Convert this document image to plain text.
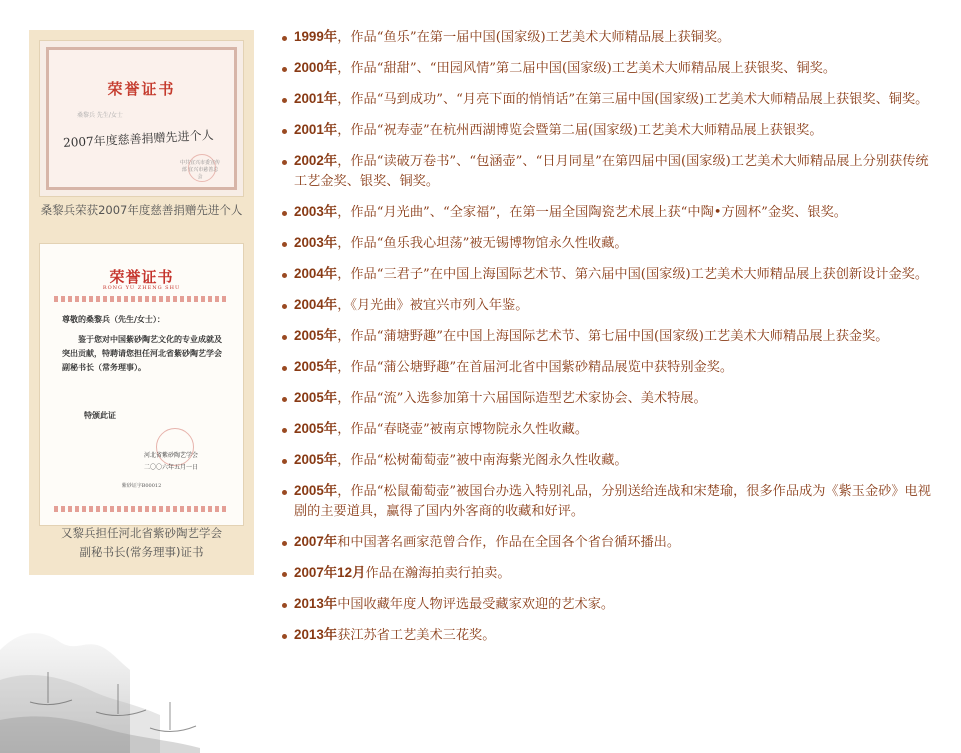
荣誉证书
桑黎兵 先生/女士
2007年度慈善捐赠先进个人
中共宜兴市委宣传部 宜兴市慈善总会
桑黎兵荣获2007年度慈善捐赠先进个人
荣誉证书
RONG YU ZHENG SHU
尊敬的桑黎兵（先生/女士）：
鉴于您对中国紫砂陶艺文化的专业成就及突出贡献，特聘请您担任河北省紫砂陶艺学会副秘书长（常务理事）。
特颁此证
河北省紫砂陶艺学会
二〇〇六年五月一日
紫砂证字B00012
又黎兵担任河北省紫砂陶艺学会
副秘书长(常务理事)证书
1999年，作品“鱼乐”在第一届中国(国家级)工艺美术大师精品展上获铜奖。
2000年，作品“甜甜”、“田园风情”第二届中国(国家级)工艺美术大师精品展上获银奖、铜奖。
2001年，作品“马到成功”、“月亮下面的悄悄话”在第三届中国(国家级)工艺美术大师精品展上获银奖、铜奖。
2001年，作品“祝寿壶”在杭州西湖博览会暨第二届(国家级)工艺美术大师精品展上获银奖。
2002年，作品“读破万卷书”、“包涵壶”、“日月同星”在第四届中国(国家级)工艺美术大师精品展上分别获传统工艺金奖、银奖、铜奖。
2003年，作品“月光曲”、“全家福”，在第一届全国陶瓷艺术展上获“中陶•方圆杯”金奖、银奖。
2003年，作品“鱼乐我心坦荡”被无锡博物馆永久性收藏。
2004年，作品“三君子”在中国上海国际艺术节、第六届中国(国家级)工艺美术大师精品展上获创新设计金奖。
2004年，《月光曲》被宜兴市列入年鉴。
2005年，作品“蒲塘野趣”在中国上海国际艺术节、第七届中国(国家级)工艺美术大师精品展上获金奖。
2005年，作品“蒲公塘野趣”在首届河北省中国紫砂精品展览中获特别金奖。
2005年，作品“流”入选参加第十六届国际造型艺术家协会、美术特展。
2005年，作品“春晓壶”被南京博物院永久性收藏。
2005年，作品“松树葡萄壶”被中南海紫光阁永久性收藏。
2005年，作品“松鼠葡萄壶”被国台办选入特别礼品，分别送给连战和宋楚瑜，很多作品成为《紫玉金砂》电视剧的主要道具，赢得了国内外客商的收藏和好评。
2007年和中国著名画家范曾合作，作品在全国各个省台循环播出。
2007年12月作品在瀚海拍卖行拍卖。
2013年中国收藏年度人物评选最受藏家欢迎的艺术家。
2013年获江苏省工艺美术三花奖。
